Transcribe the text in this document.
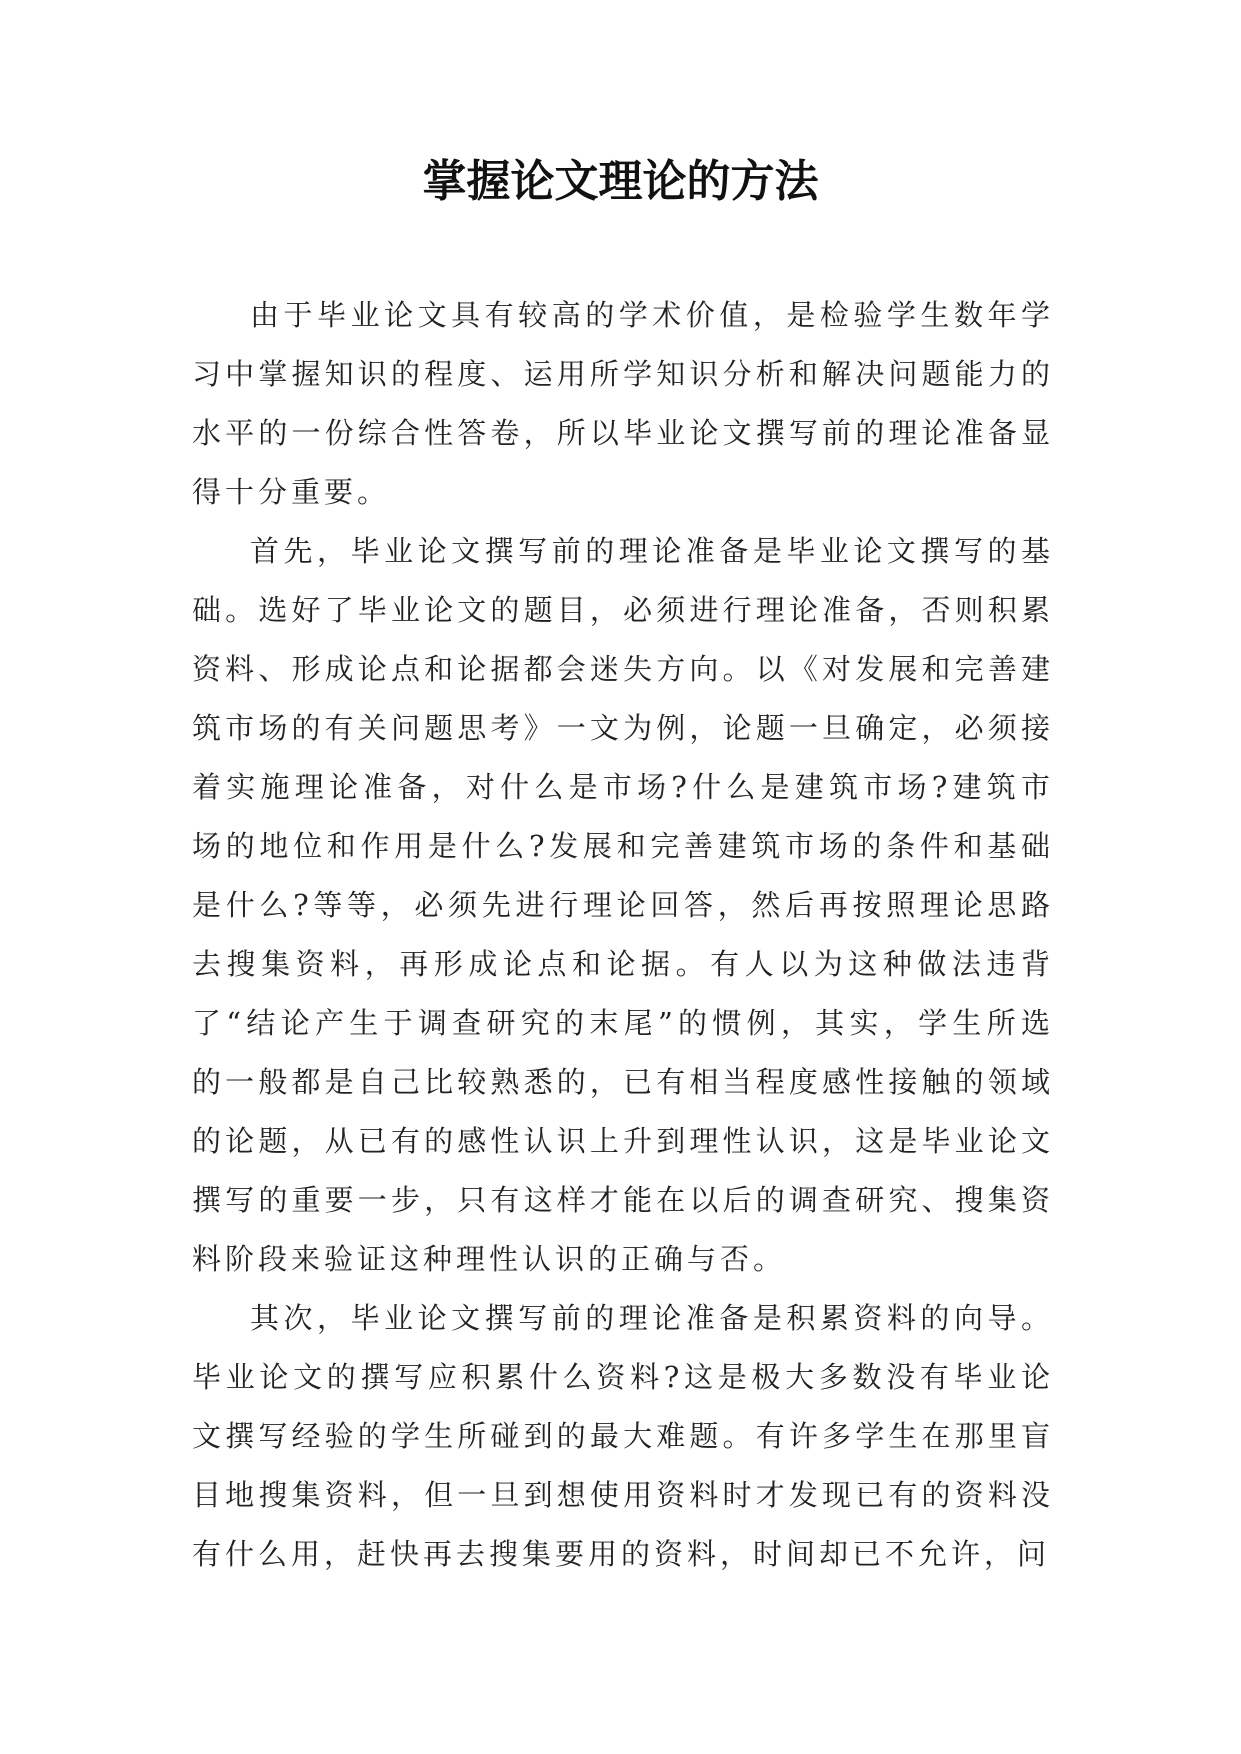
掌握论文理论的方法

由于毕业论文具有较高的学术价值，是检验学生数年学习中掌握知识的程度、运用所学知识分析和解决问题能力的水平的一份综合性答卷，所以毕业论文撰写前的理论准备显得十分重要。

首先，毕业论文撰写前的理论准备是毕业论文撰写的基础。选好了毕业论文的题目，必须进行理论准备，否则积累资料、形成论点和论据都会迷失方向。以《对发展和完善建筑市场的有关问题思考》一文为例，论题一旦确定，必须接着实施理论准备，对什么是市场?什么是建筑市场?建筑市场的地位和作用是什么?发展和完善建筑市场的条件和基础是什么?等等，必须先进行理论回答，然后再按照理论思路去搜集资料，再形成论点和论据。有人以为这种做法违背了“结论产生于调查研究的末尾”的惯例，其实，学生所选的一般都是自己比较熟悉的，已有相当程度感性接触的领域的论题，从已有的感性认识上升到理性认识，这是毕业论文撰写的重要一步，只有这样才能在以后的调查研究、搜集资料阶段来验证这种理性认识的正确与否。

其次，毕业论文撰写前的理论准备是积累资料的向导。毕业论文的撰写应积累什么资料?这是极大多数没有毕业论文撰写经验的学生所碰到的最大难题。有许多学生在那里盲目地搜集资料，但一旦到想使用资料时才发现已有的资料没有什么用，赶快再去搜集要用的资料，时间却已不允许，问
